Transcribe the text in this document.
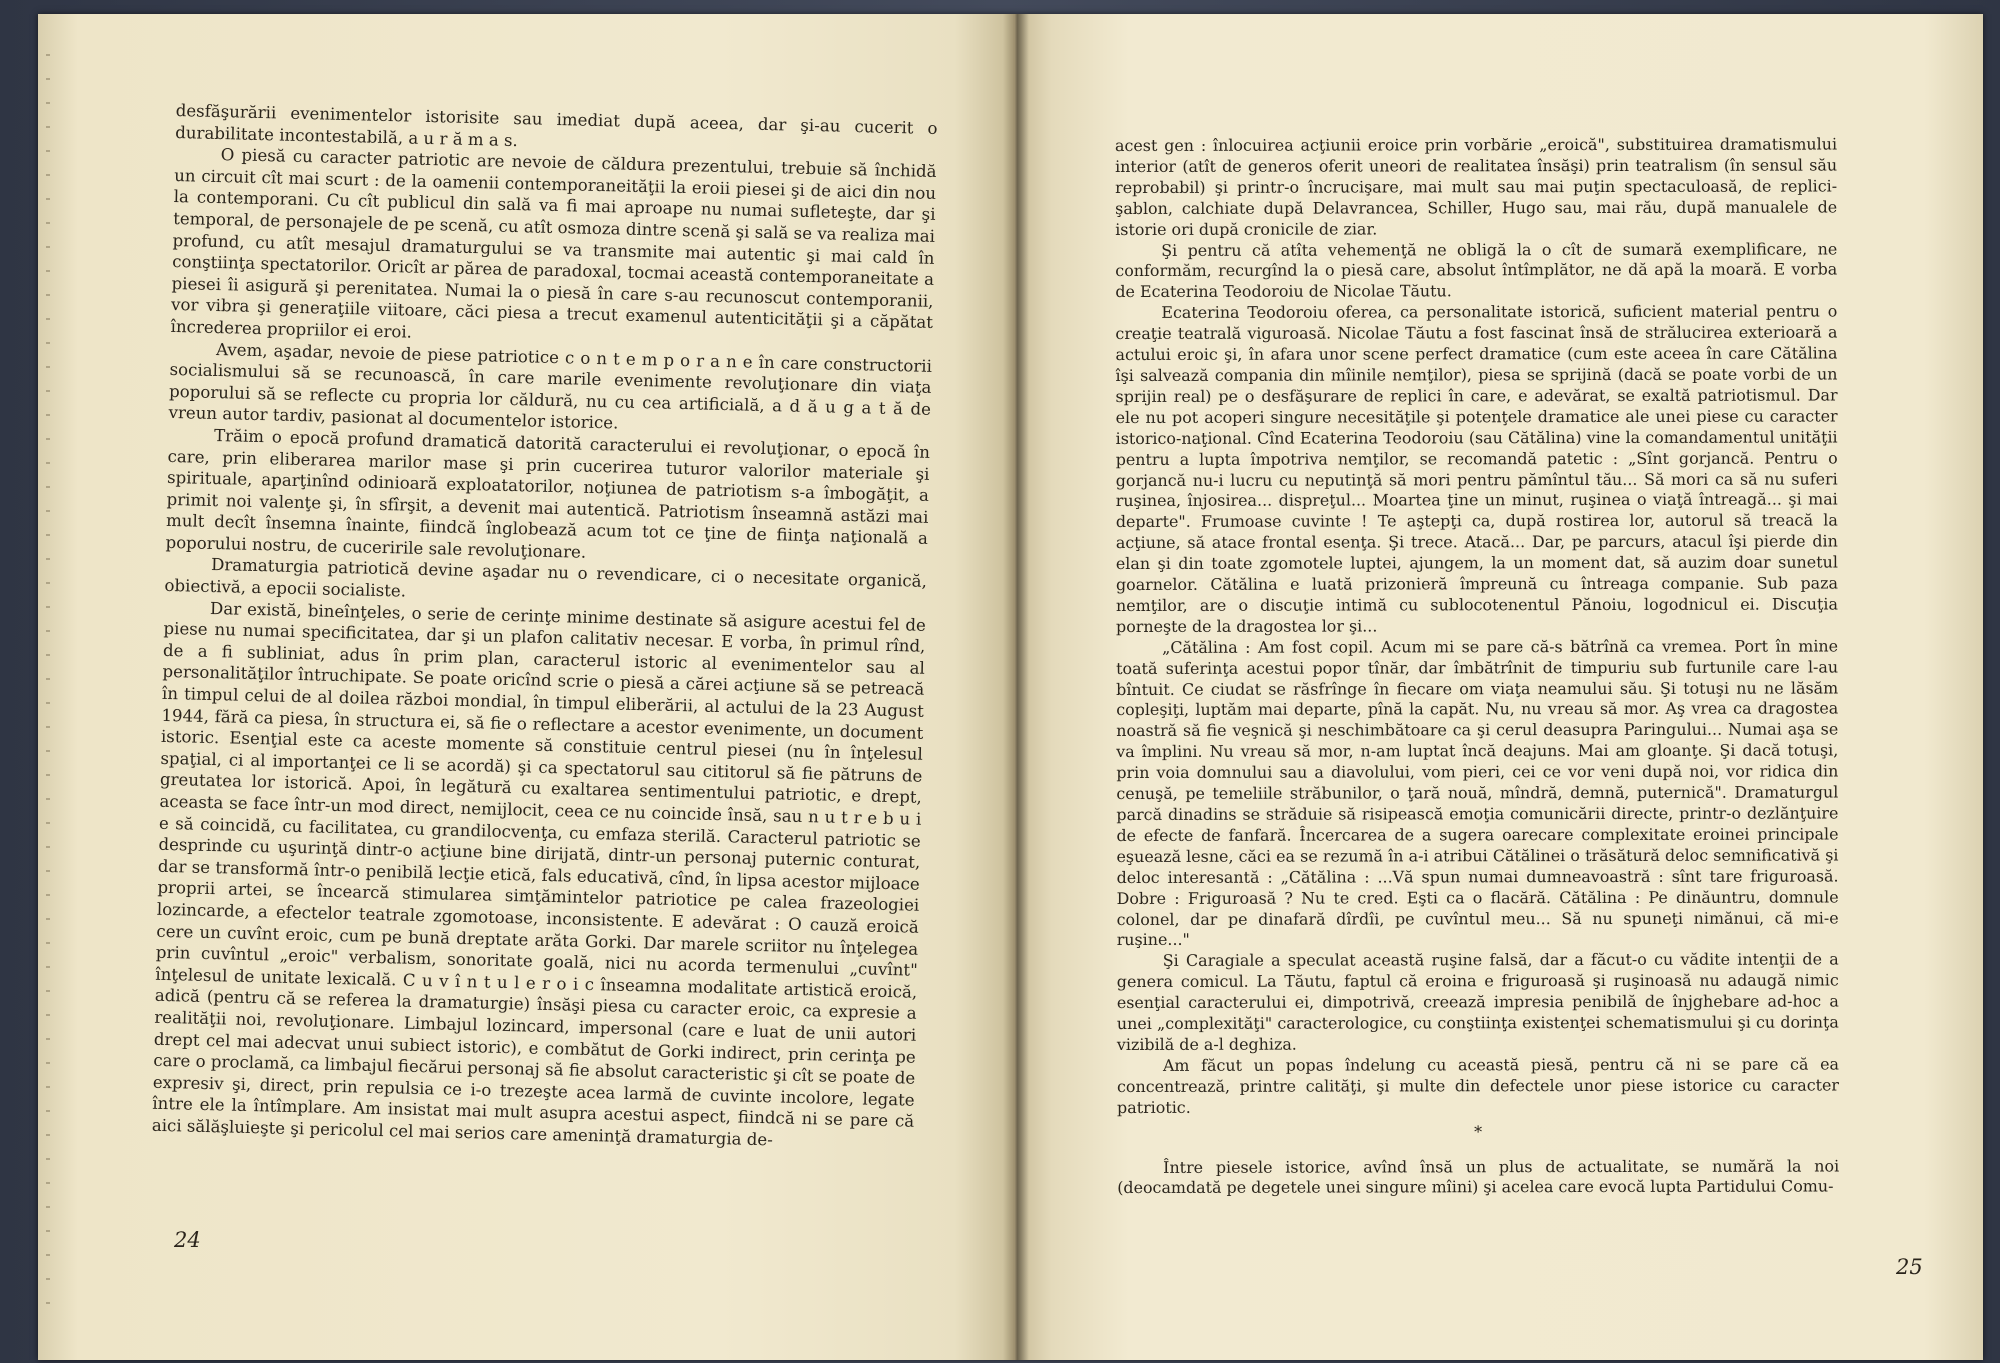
desfăşurării evenimentelor istorisite sau imediat după aceea, dar şi-au cucerit o durabilitate incontestabilă, a u r ă m a s.

O piesă cu caracter patriotic are nevoie de căldura prezentului, trebuie să închidă un circuit cît mai scurt : de la oamenii contemporaneităţii la eroii piesei şi de aici din nou la contemporani. Cu cît publicul din sală va fi mai aproape nu numai sufleteşte, dar şi temporal, de personajele de pe scenă, cu atît osmoza dintre scenă şi sală se va realiza mai profund, cu atît mesajul dramaturgului se va transmite mai autentic şi mai cald în conştiinţa spectatorilor. Oricît ar părea de paradoxal, tocmai această contemporaneitate a piesei îi asigură şi perenitatea. Numai la o piesă în care s-au recunoscut contemporanii, vor vibra şi generaţiile viitoare, căci piesa a trecut examenul autenticităţii şi a căpătat încrederea propriilor ei eroi.

Avem, aşadar, nevoie de piese patriotice c o n t e m p o r a n e în care constructorii socialismului să se recunoască, în care marile evenimente revoluţionare din viaţa poporului să se reflecte cu propria lor căldură, nu cu cea artificială, a d ă u g a t ă de vreun autor tardiv, pasionat al documentelor istorice.

Trăim o epocă profund dramatică datorită caracterului ei revoluţionar, o epocă în care, prin eliberarea marilor mase şi prin cucerirea tuturor valorilor materiale şi spirituale, aparţinînd odinioară exploatatorilor, noţiunea de patriotism s-a îmbogăţit, a primit noi valenţe şi, în sfîrşit, a devenit mai autentică. Patriotism înseamnă astăzi mai mult decît însemna înainte, fiindcă înglobează acum tot ce ţine de fiinţa naţională a poporului nostru, de cuceririle sale revoluţionare.

Dramaturgia patriotică devine aşadar nu o revendicare, ci o necesitate organică, obiectivă, a epocii socialiste.

Dar există, bineînţeles, o serie de cerinţe minime destinate să asigure acestui fel de piese nu numai specificitatea, dar şi un plafon calitativ necesar. E vorba, în primul rînd, de a fi subliniat, adus în prim plan, caracterul istoric al evenimentelor sau al personalităţilor întruchipate. Se poate oricînd scrie o piesă a cărei acţiune să se petreacă în timpul celui de al doilea război mondial, în timpul eliberării, al actului de la 23 August 1944, fără ca piesa, în structura ei, să fie o reflectare a acestor evenimente, un document istoric. Esenţial este ca aceste momente să constituie centrul piesei (nu în înţelesul spaţial, ci al importanţei ce li se acordă) şi ca spectatorul sau cititorul să fie pătruns de greutatea lor istorică. Apoi, în legătură cu exaltarea sentimentului patriotic, e drept, aceasta se face într-un mod direct, nemijlocit, ceea ce nu coincide însă, sau n u t r e b u i e să coincidă, cu facilitatea, cu grandilocvenţa, cu emfaza sterilă. Caracterul patriotic se desprinde cu uşurinţă dintr-o acţiune bine dirijată, dintr-un personaj puternic conturat, dar se transformă într-o penibilă lecţie etică, fals educativă, cînd, în lipsa acestor mijloace proprii artei, se încearcă stimularea simţămintelor patriotice pe calea frazeologiei lozincarde, a efectelor teatrale zgomotoase, inconsistente. E adevărat : O cauză eroică cere un cuvînt eroic, cum pe bună dreptate arăta Gorki. Dar marele scriitor nu înţelegea prin cuvîntul „eroic" verbalism, sonoritate goală, nici nu acorda termenului „cuvînt" înţelesul de unitate lexicală. C u v î n t u l e r o i c înseamna modalitate artistică eroică, adică (pentru că se referea la dramaturgie) însăşi piesa cu caracter eroic, ca expresie a realităţii noi, revoluţionare. Limbajul lozincard, impersonal (care e luat de unii autori drept cel mai adecvat unui subiect istoric), e combătut de Gorki indirect, prin cerinţa pe care o proclamă, ca limbajul fiecărui personaj să fie absolut caracteristic şi cît se poate de expresiv şi, direct, prin repulsia ce i-o trezeşte acea larmă de cuvinte incolore, legate între ele la întîmplare. Am insistat mai mult asupra acestui aspect, fiindcă ni se pare că aici sălăşluieşte şi pericolul cel mai serios care ameninţă dramaturgia de-

24

acest gen : înlocuirea acţiunii eroice prin vorbărie „eroică", substituirea dramatismului interior (atît de generos oferit uneori de realitatea însăşi) prin teatralism (în sensul său reprobabil) şi printr-o încrucişare, mai mult sau mai puţin spectaculoasă, de replici-şablon, calchiate după Delavrancea, Schiller, Hugo sau, mai rău, după manualele de istorie ori după cronicile de ziar.

Şi pentru că atîta vehemenţă ne obligă la o cît de sumară exemplificare, ne conformăm, recurgînd la o piesă care, absolut întîmplător, ne dă apă la moară. E vorba de Ecaterina Teodoroiu de Nicolae Tăutu.

Ecaterina Teodoroiu oferea, ca personalitate istorică, suficient material pentru o creaţie teatrală viguroasă. Nicolae Tăutu a fost fascinat însă de strălucirea exterioară a actului eroic şi, în afara unor scene perfect dramatice (cum este aceea în care Cătălina îşi salvează compania din mîinile nemţilor), piesa se sprijină (dacă se poate vorbi de un sprijin real) pe o desfăşurare de replici în care, e adevărat, se exaltă patriotismul. Dar ele nu pot acoperi singure necesităţile şi potenţele dramatice ale unei piese cu caracter istorico-naţional. Cînd Ecaterina Teodoroiu (sau Cătălina) vine la comandamentul unităţii pentru a lupta împotriva nemţilor, se recomandă patetic : „Sînt gorjancă. Pentru o gorjancă nu-i lucru cu neputinţă să mori pentru pămîntul tău... Să mori ca să nu suferi ruşinea, înjosirea... dispreţul... Moartea ţine un minut, ruşinea o viaţă întreagă... şi mai departe". Frumoase cuvinte ! Te aştepţi ca, după rostirea lor, autorul să treacă la acţiune, să atace frontal esenţa. Şi trece. Atacă... Dar, pe parcurs, atacul îşi pierde din elan şi din toate zgomotele luptei, ajungem, la un moment dat, să auzim doar sunetul goarnelor. Cătălina e luată prizonieră împreună cu întreaga companie. Sub paza nemţilor, are o discuţie intimă cu sublocotenentul Pănoiu, logodnicul ei. Discuţia porneşte de la dragostea lor şi...

„Cătălina : Am fost copil. Acum mi se pare că-s bătrînă ca vremea. Port în mine toată suferinţa acestui popor tînăr, dar îmbătrînit de timpuriu sub furtunile care l-au bîntuit. Ce ciudat se răsfrînge în fiecare om viaţa neamului său. Şi totuşi nu ne lăsăm copleşiţi, luptăm mai departe, pînă la capăt. Nu, nu vreau să mor. Aş vrea ca dragostea noastră să fie veşnică şi neschimbătoare ca şi cerul deasupra Paringului... Numai aşa se va împlini. Nu vreau să mor, n-am luptat încă deajuns. Mai am gloanţe. Şi dacă totuşi, prin voia domnului sau a diavolului, vom pieri, cei ce vor veni după noi, vor ridica din cenuşă, pe temeliile străbunilor, o ţară nouă, mîndră, demnă, puternică". Dramaturgul parcă dinadins se străduie să risipească emoţia comunicării directe, printr-o dezlănţuire de efecte de fanfară. Încercarea de a sugera oarecare complexitate eroinei principale eşuează lesne, căci ea se rezumă în a-i atribui Cătălinei o trăsătură deloc semnificativă şi deloc interesantă : „Cătălina : ...Vă spun numai dumneavoastră : sînt tare friguroasă. Dobre : Friguroasă ? Nu te cred. Eşti ca o flacără. Cătălina : Pe dinăuntru, domnule colonel, dar pe dinafară dîrdîi, pe cuvîntul meu... Să nu spuneţi nimănui, că mi-e ruşine..."

Şi Caragiale a speculat această ruşine falsă, dar a făcut-o cu vădite intenţii de a genera comicul. La Tăutu, faptul că eroina e friguroasă şi ruşinoasă nu adaugă nimic esenţial caracterului ei, dimpotrivă, creează impresia penibilă de înjghebare ad-hoc a unei „complexităţi" caracterologice, cu conştiinţa existenţei schematismului şi cu dorinţa vizibilă de a-l deghiza.

Am făcut un popas îndelung cu această piesă, pentru că ni se pare că ea concentrează, printre calităţi, şi multe din defectele unor piese istorice cu caracter patriotic.

*

Între piesele istorice, avînd însă un plus de actualitate, se numără la noi (deocamdată pe degetele unei singure mîini) şi acelea care evocă lupta Partidului Comu-

25
